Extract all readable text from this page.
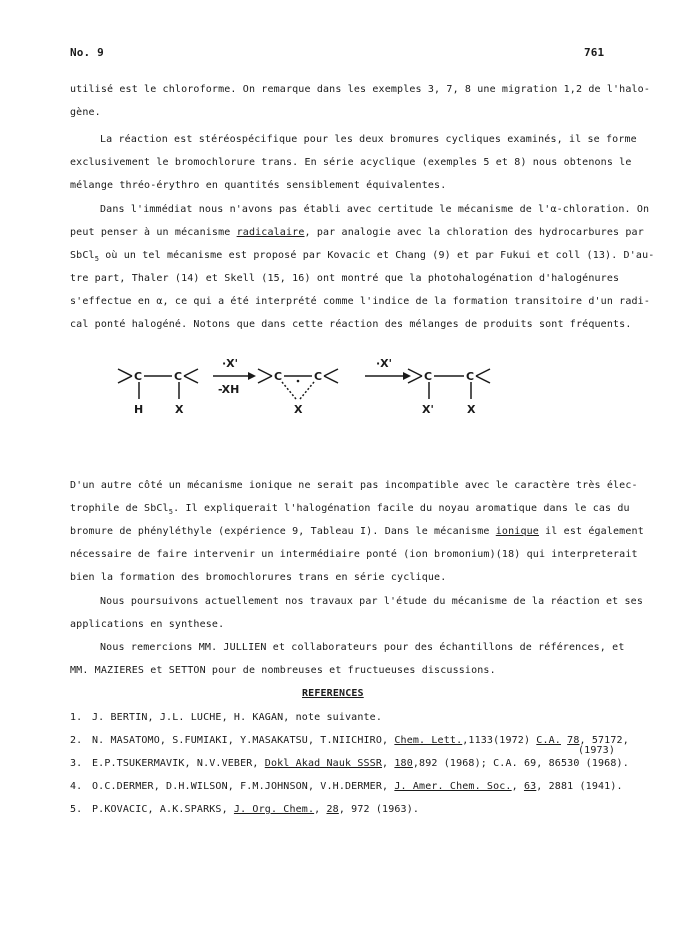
No. 9	761
utilisé est le chloroforme. On remarque dans les exemples 3, 7, 8 une migration 1,2 de l'halo-
gène.
La réaction est stéréospécifique pour les deux bromures cycliques examinés, il se forme
exclusivement le bromochlorure trans. En série acyclique (exemples 5 et 8) nous obtenons le
mélange thréo-érythro en quantités sensiblement équivalentes.
Dans l'immédiat nous n'avons pas établi avec certitude le mécanisme de l'α-chloration. On
peut penser à un mécanisme radicalaire, par analogie avec la chloration des hydrocarbures par
SbCl$_5$ où un tel mécanisme est proposé par Kovacic et Chang (9) et par Fukui et coll (13). D'au-
tre part, Thaler (14) et Skell (15, 16) ont montré que la photohalogénation d'halogénures
s'effectue en α, ce qui a été interprété comme l'indice de la formation transitoire d'un radi-
cal ponté halogéné. Notons que dans cette réaction des mélanges de produits sont fréquents.
C	C
H	X
·X'
-XH
C	C
X
·X'
C	C
X'	X
D'un autre côté un mécanisme ionique ne serait pas incompatible avec le caractère très élec-
trophile de SbCl$_5$. Il expliquerait l'halogénation facile du noyau aromatique dans le cas du
bromure de phényléthyle (expérience 9, Tableau I). Dans le mécanisme ionique il est également
nécessaire de faire intervenir un intermédiaire ponté (ion bromonium)(18) qui interpreterait
bien la formation des bromochlorures trans en série cyclique.
Nous poursuivons actuellement nos travaux par l'étude du mécanisme de la réaction et ses
applications en synthese.
Nous remercions MM. JULLIEN et collaborateurs pour des échantillons de références, et
MM. MAZIERES et SETTON pour de nombreuses et fructueuses discussions.
REFERENCES
1. J. BERTIN, J.L. LUCHE, H. KAGAN, note suivante.
2. N. MASATOMO, S.FUMIAKI, Y.MASAKATSU, T.NIICHIRO, Chem. Lett.,1133(1972) C.A. 78, 57172,
(1973)
3. E.P.TSUKERMAVIK, N.V.VEBER, Dokl Akad Nauk SSSR, 180,892 (1968); C.A. 69, 86530 (1968).
4. O.C.DERMER, D.H.WILSON, F.M.JOHNSON, V.H.DERMER, J. Amer. Chem. Soc., 63, 2881 (1941).
5. P.KOVACIC, A.K.SPARKS, J. Org. Chem., 28, 972 (1963).
